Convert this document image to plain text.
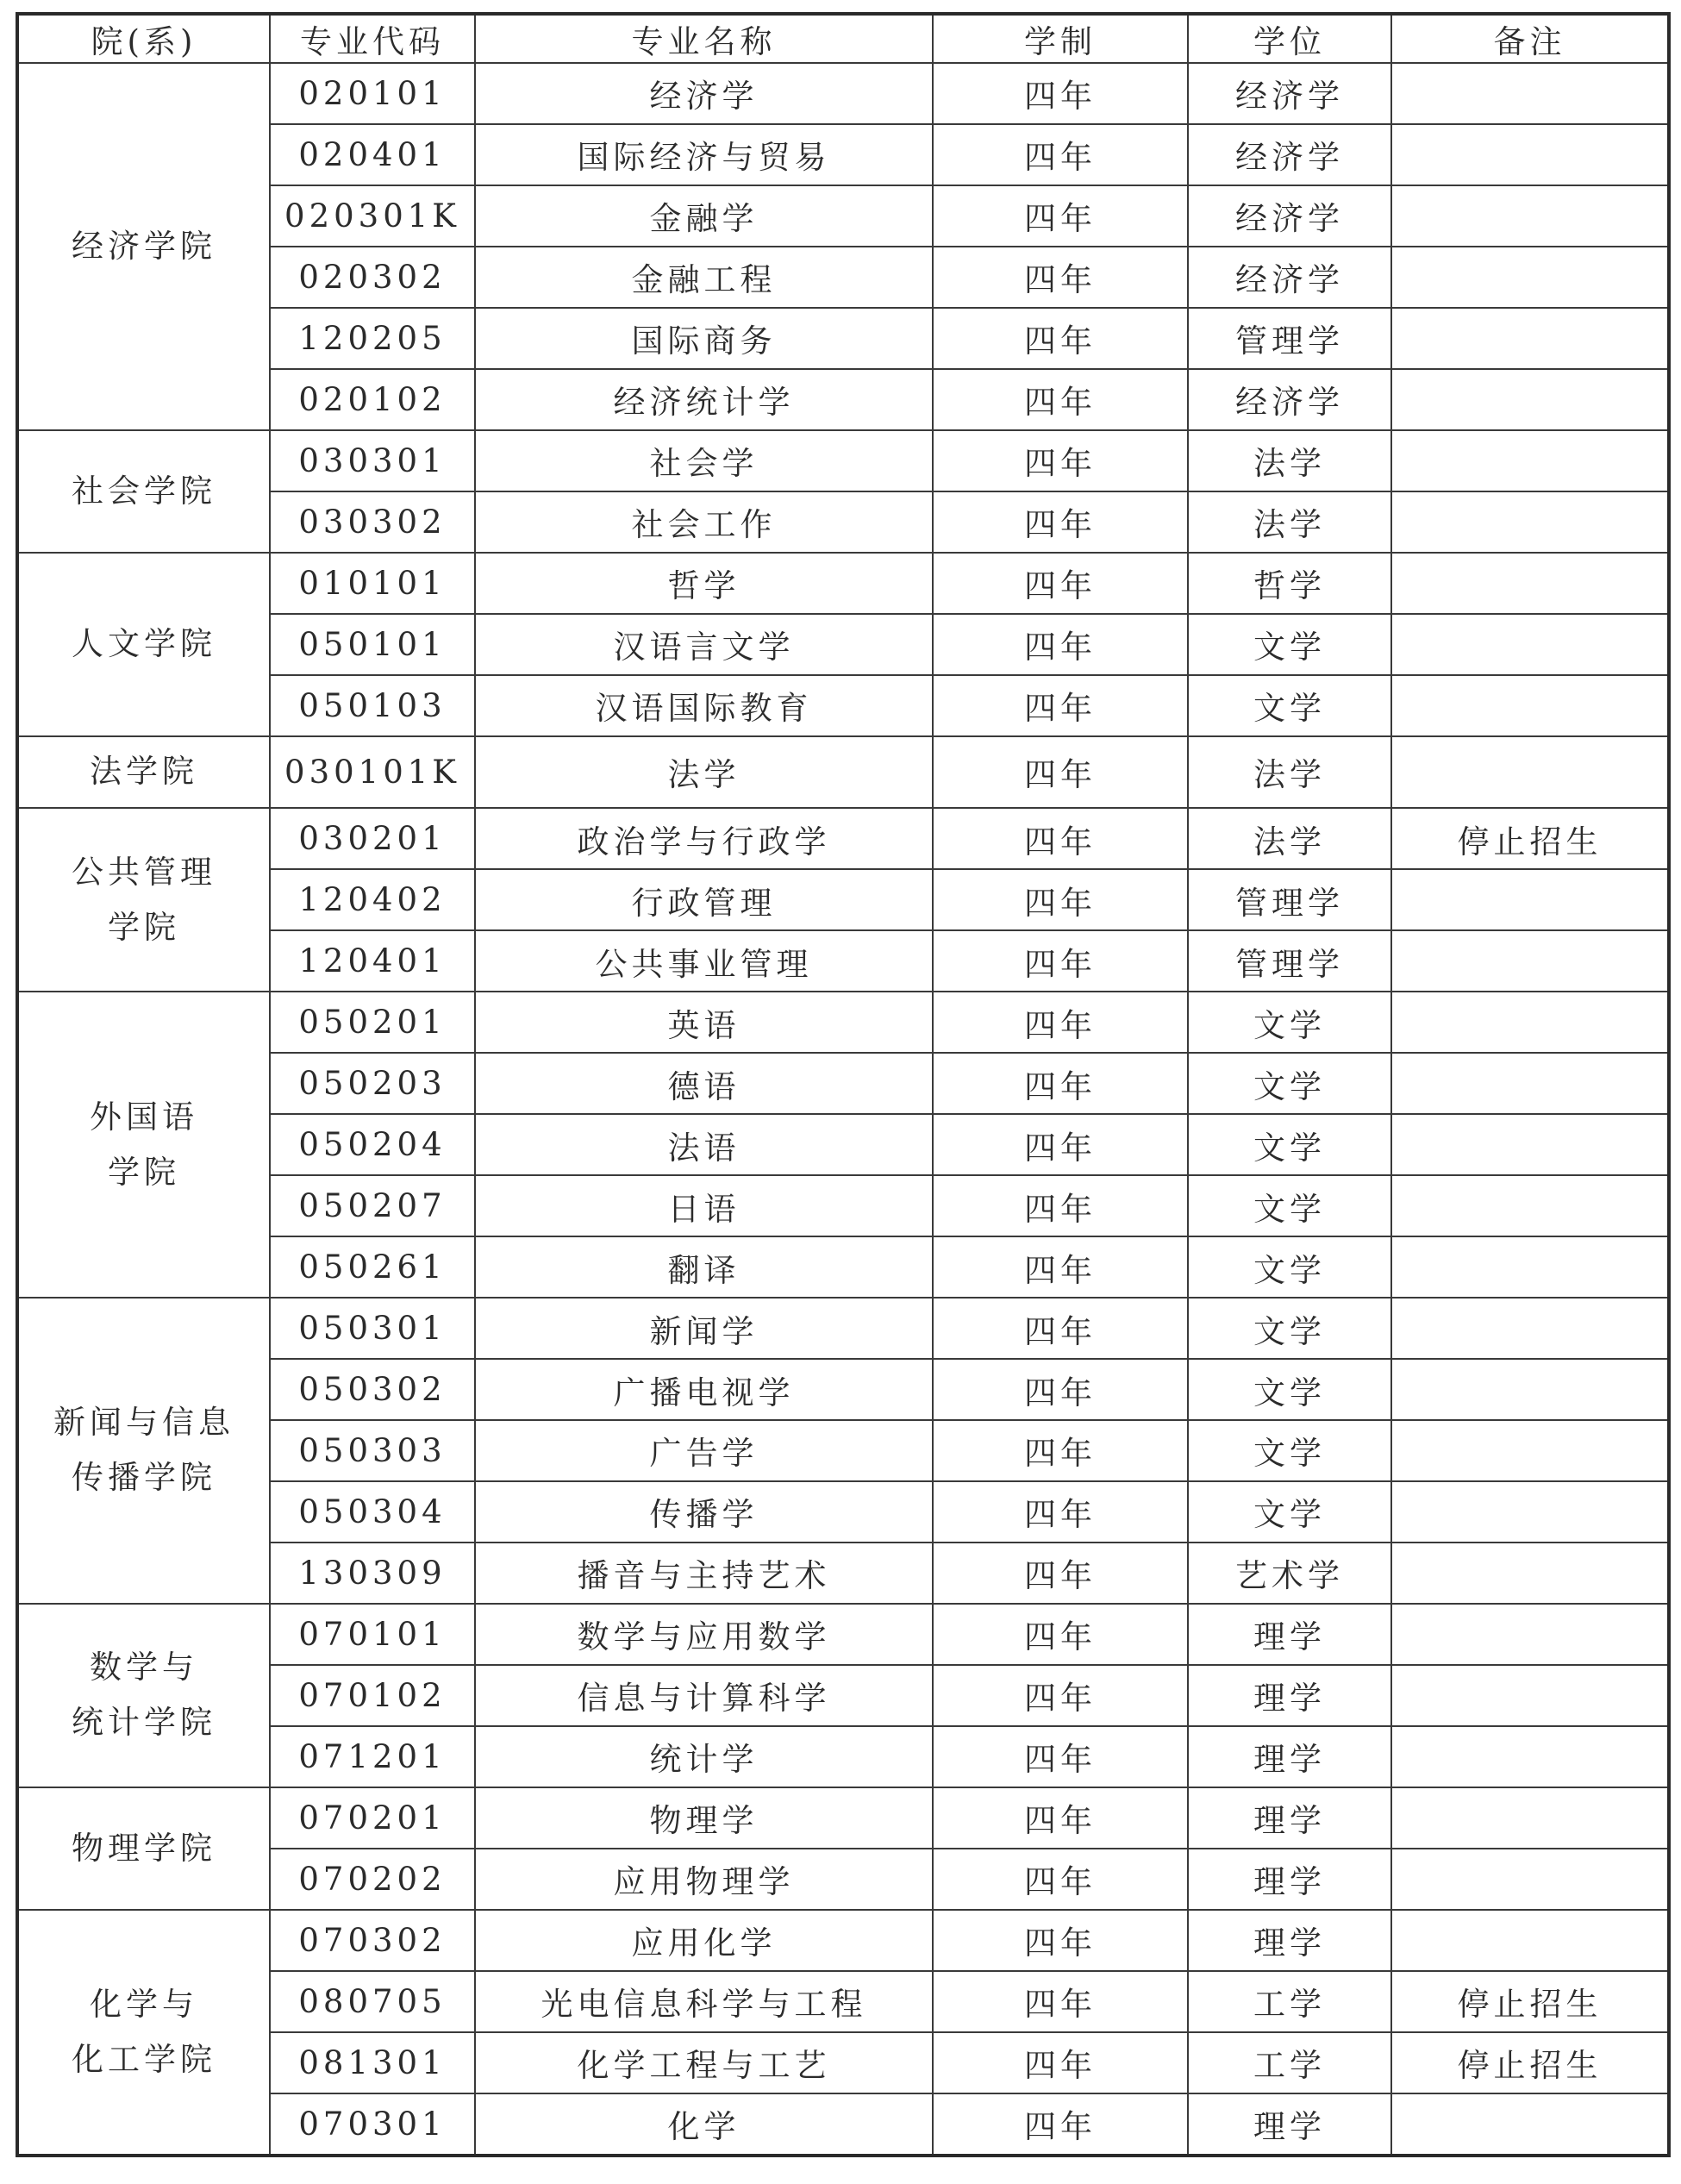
院(系)	专业代码	专业名称	学制	学位	备注

经济学院	020101	经济学	四年	经济学	
	020401	国际经济与贸易	四年	经济学	
	020301K	金融学	四年	经济学	
	020302	金融工程	四年	经济学	
	120205	国际商务	四年	管理学	
	020102	经济统计学	四年	经济学	

社会学院	030301	社会学	四年	法学	
	030302	社会工作	四年	法学	

人文学院	010101	哲学	四年	哲学	
	050101	汉语言文学	四年	文学	
	050103	汉语国际教育	四年	文学	

法学院	030101K	法学	四年	法学	

公共管理
学院	030201	政治学与行政学	四年	法学	停止招生
	120402	行政管理	四年	管理学	
	120401	公共事业管理	四年	管理学	

外国语
学院	050201	英语	四年	文学	
	050203	德语	四年	文学	
	050204	法语	四年	文学	
	050207	日语	四年	文学	
	050261	翻译	四年	文学	

新闻与信息
传播学院	050301	新闻学	四年	文学	
	050302	广播电视学	四年	文学	
	050303	广告学	四年	文学	
	050304	传播学	四年	文学	
	130309	播音与主持艺术	四年	艺术学	

数学与
统计学院	070101	数学与应用数学	四年	理学	
	070102	信息与计算科学	四年	理学	
	071201	统计学	四年	理学	

物理学院	070201	物理学	四年	理学	
	070202	应用物理学	四年	理学	

化学与
化工学院	070302	应用化学	四年	理学	
	080705	光电信息科学与工程	四年	工学	停止招生
	081301	化学工程与工艺	四年	工学	停止招生
	070301	化学	四年	理学	
